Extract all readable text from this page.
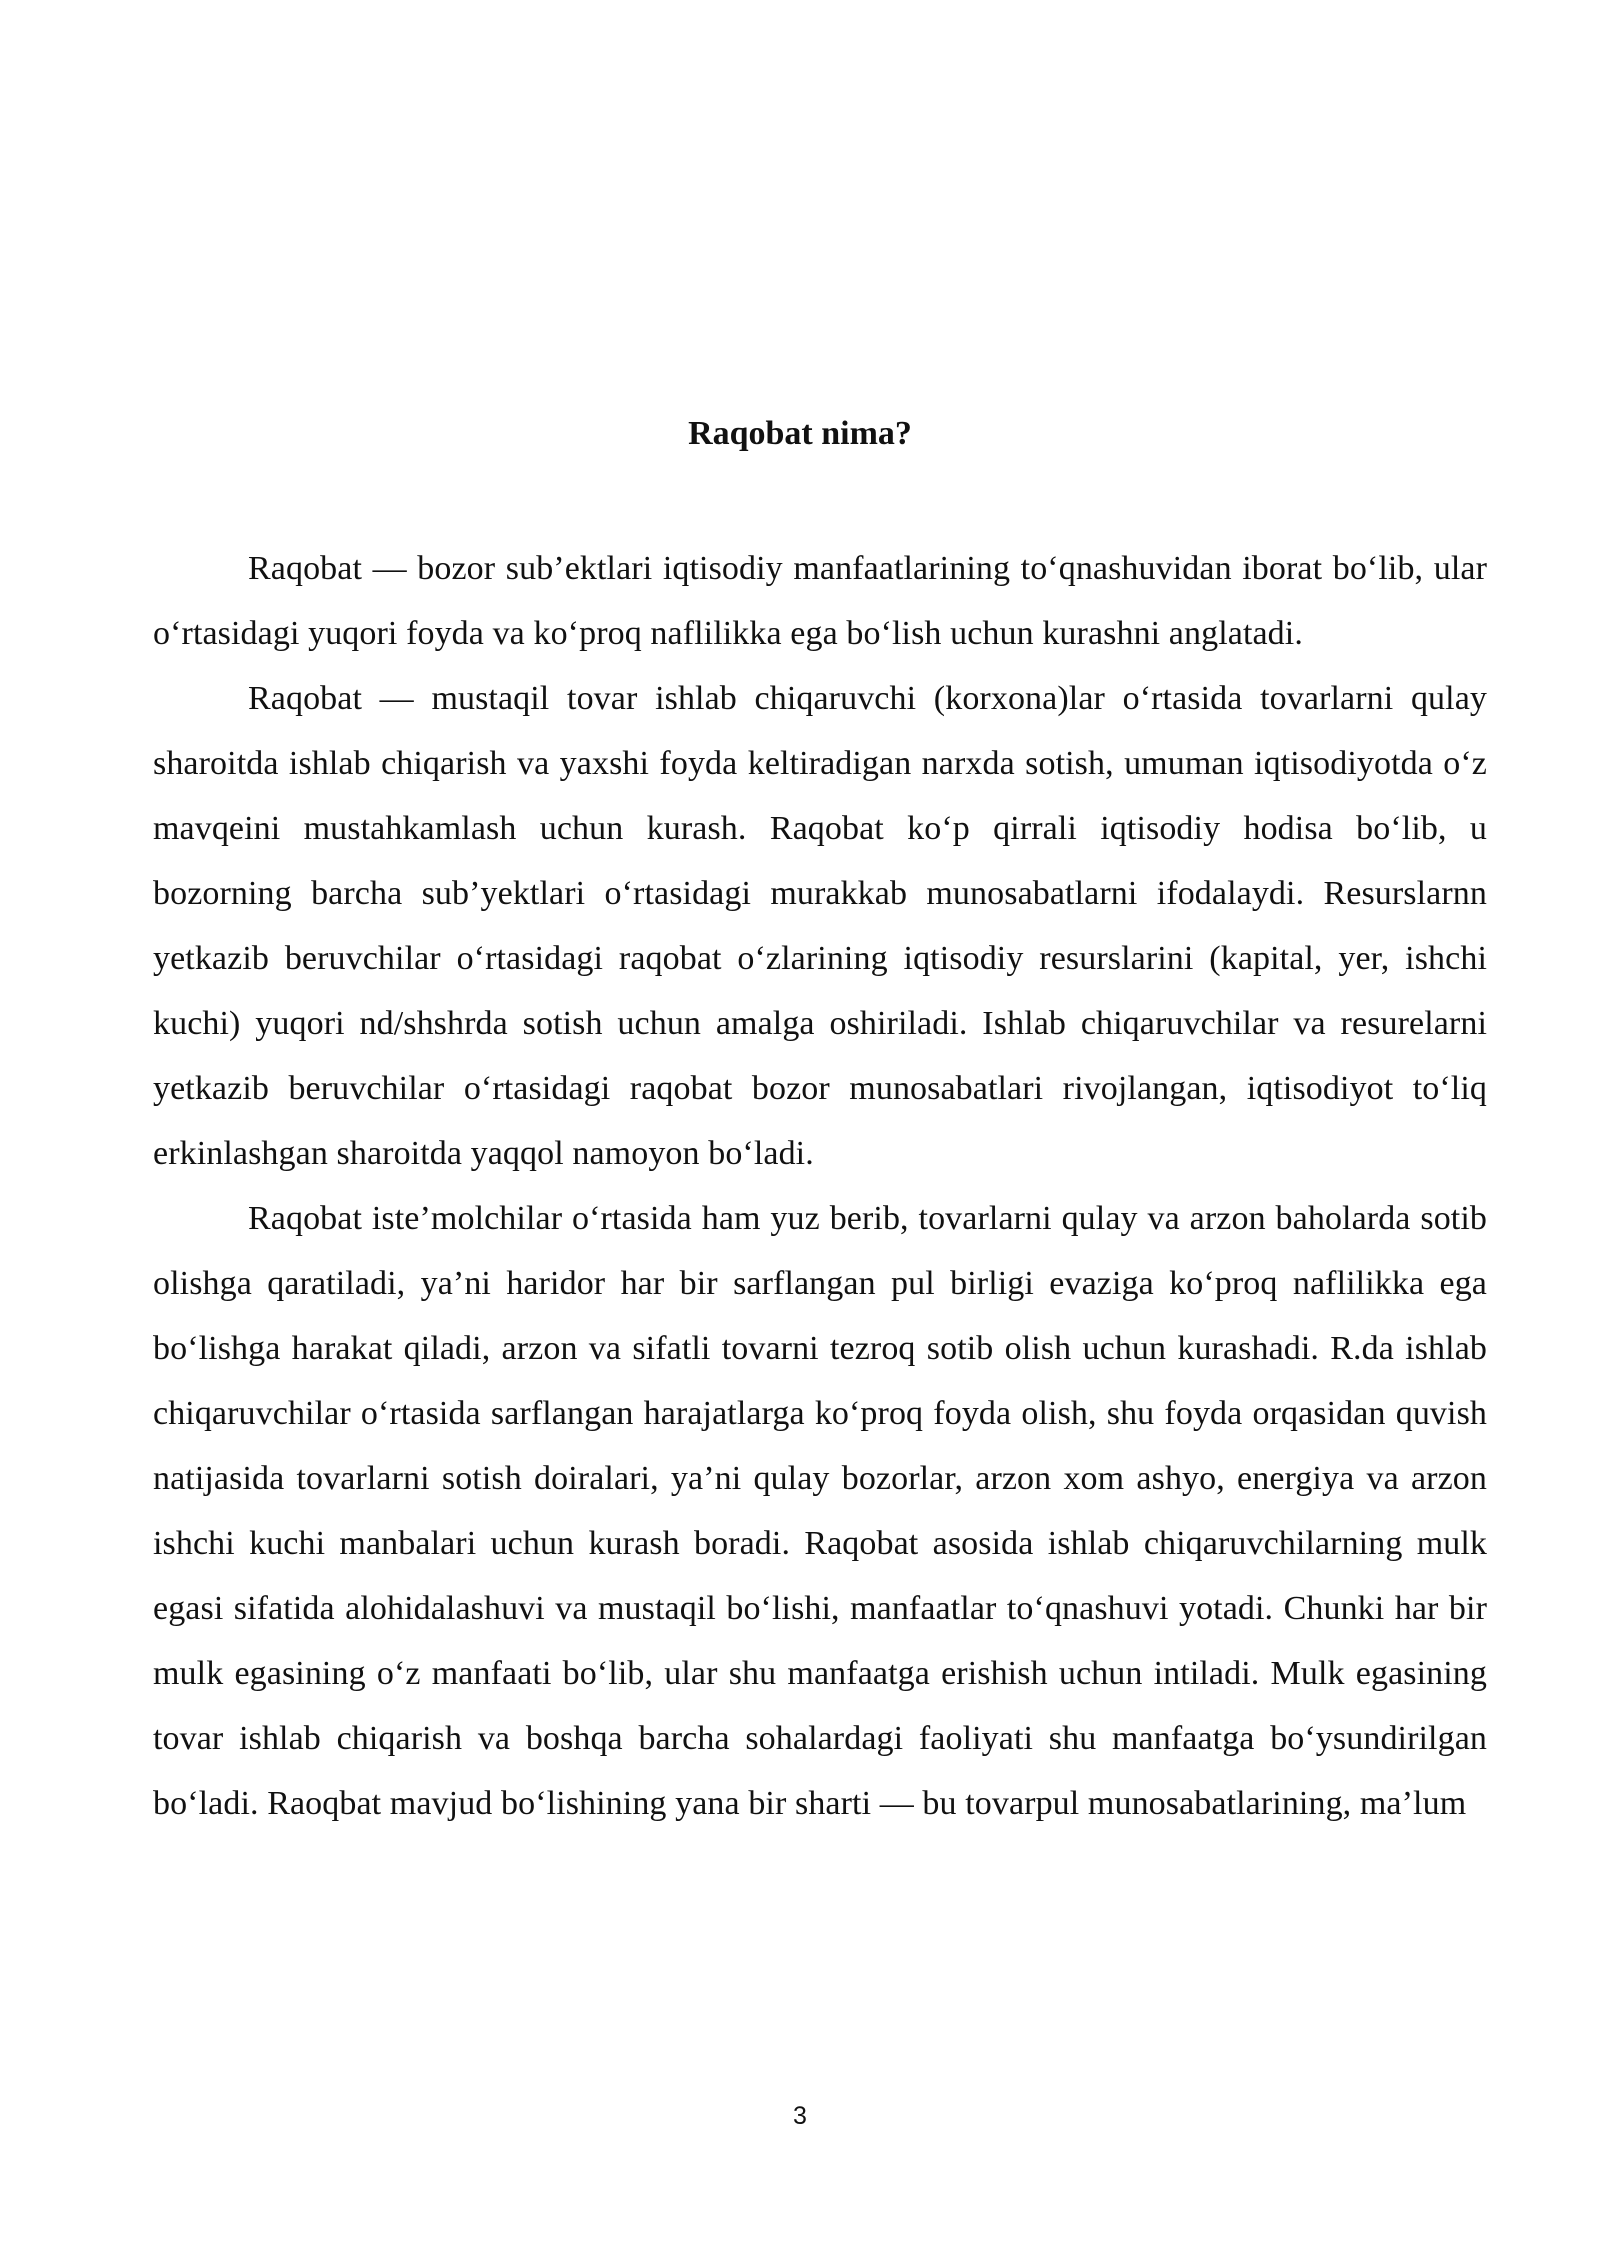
Raqobat nima?

Raqobat — bozor sub’ektlari iqtisodiy manfaatlarining to‘qnashuvidan iborat bo‘lib, ular o‘rtasidagi yuqori foyda va ko‘proq naflilikka ega bo‘lish uchun kurashni anglatadi.

Raqobat — mustaqil tovar ishlab chiqaruvchi (korxona)lar o‘rtasida tovarlarni qulay sharoitda ishlab chiqarish va yaxshi foyda keltiradigan narxda sotish, umuman iqtisodiyotda o‘z mavqeini mustahkamlash uchun kurash. Raqobat ko‘p qirrali iqtisodiy hodisa bo‘lib, u bozorning barcha sub’yektlari o‘rtasidagi murakkab munosabatlarni ifodalaydi. Resurslarnn yetkazib beruvchilar o‘rtasidagi raqobat o‘zlarining iqtisodiy resurslarini (kapital, yer, ishchi kuchi) yuqori nd/shshrda sotish uchun amalga oshiriladi. Ishlab chiqaruvchilar va resurelarni yetkazib beruvchilar o‘rtasidagi raqobat bozor munosabatlari rivojlangan, iqtisodiyot to‘liq erkinlashgan sharoitda yaqqol namoyon bo‘ladi.

Raqobat iste’molchilar o‘rtasida ham yuz berib, tovarlarni qulay va arzon baholarda sotib olishga qaratiladi, ya’ni haridor har bir sarflangan pul birligi evaziga ko‘proq naflilikka ega bo‘lishga harakat qiladi, arzon va sifatli tovarni tezroq sotib olish uchun kurashadi. R.da ishlab chiqaruvchilar o‘rtasida sarflangan harajatlarga ko‘proq foyda olish, shu foyda orqasidan quvish natijasida tovarlarni sotish doiralari, ya’ni qulay bozorlar, arzon xom ashyo, energiya va arzon ishchi kuchi manbalari uchun kurash boradi. Raqobat asosida ishlab chiqaruvchilarning mulk egasi sifatida alohidalashuvi va mustaqil bo‘lishi, manfaatlar to‘qnashuvi yotadi. Chunki har bir mulk egasining o‘z manfaati bo‘lib, ular shu manfaatga erishish uchun intiladi. Mulk egasining tovar ishlab chiqarish va boshqa barcha sohalardagi faoliyati shu manfaatga bo‘ysundirilgan bo‘ladi. Raoqbat mavjud bo‘lishining yana bir sharti — bu tovarpul munosabatlarining, ma’lum

3
